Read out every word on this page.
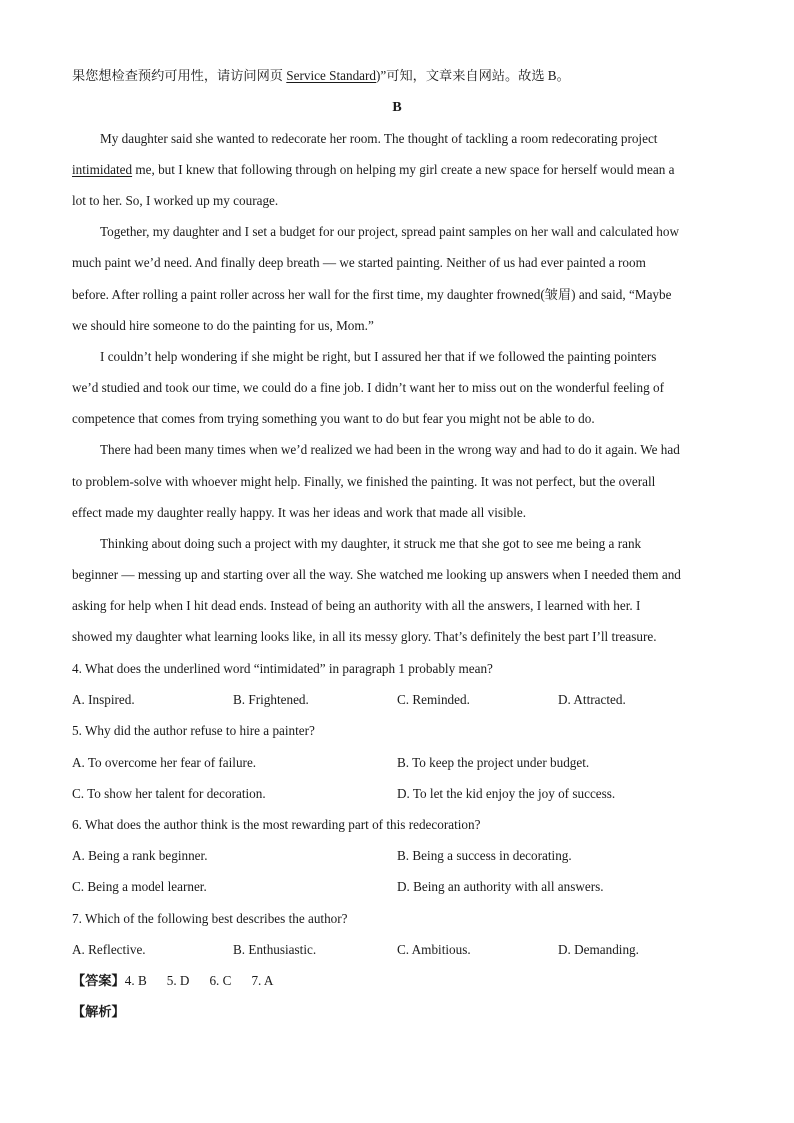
果您想检查预约可用性，请访问网页 Service Standard)”可知，文章来自网站。故选 B。
B
My daughter said she wanted to redecorate her room. The thought of tackling a room redecorating project
intimidated me, but I knew that following through on helping my girl create a new space for herself would mean a
lot to her. So, I worked up my courage.
Together, my daughter and I set a budget for our project, spread paint samples on her wall and calculated how
much paint we’d need. And finally deep breath — we started painting. Neither of us had ever painted a room
before. After rolling a paint roller across her wall for the first time, my daughter frowned(皱眉) and said, “Maybe
we should hire someone to do the painting for us, Mom.”
I couldn’t help wondering if she might be right, but I assured her that if we followed the painting pointers
we’d studied and took our time, we could do a fine job. I didn’t want her to miss out on the wonderful feeling of
competence that comes from trying something you want to do but fear you might not be able to do.
There had been many times when we’d realized we had been in the wrong way and had to do it again. We had
to problem-solve with whoever might help. Finally, we finished the painting. It was not perfect, but the overall
effect made my daughter really happy. It was her ideas and work that made all visible.
Thinking about doing such a project with my daughter, it struck me that she got to see me being a rank
beginner — messing up and starting over all the way. She watched me looking up answers when I needed them and
asking for help when I hit dead ends. Instead of being an authority with all the answers, I learned with her. I
showed my daughter what learning looks like, in all its messy glory. That’s definitely the best part I’ll treasure.
4. What does the underlined word “intimidated” in paragraph 1 probably mean?
A. Inspired.	B. Frightened.	C. Reminded.	D. Attracted.
5. Why did the author refuse to hire a painter?
A. To overcome her fear of failure.	B. To keep the project under budget.
C. To show her talent for decoration.	D. To let the kid enjoy the joy of success.
6. What does the author think is the most rewarding part of this redecoration?
A. Being a rank beginner.	B. Being a success in decorating.
C. Being a model learner.	D. Being an authority with all answers.
7. Which of the following best describes the author?
A. Reflective.	B. Enthusiastic.	C. Ambitious.	D. Demanding.
【答案】4. B 5. D 6. C 7. A
【解析】
